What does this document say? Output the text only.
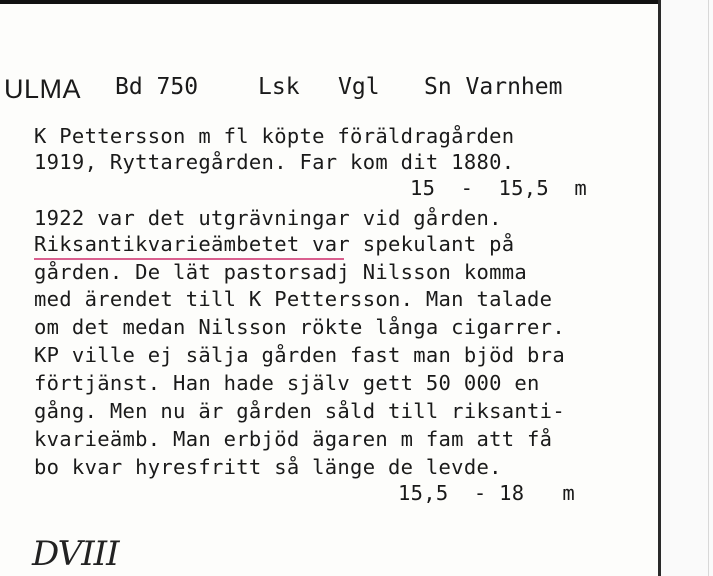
ULMA Bd 750	Lsk Vgl Sn Varnhem
K Pettersson m fl köpte föräldragården
1919, Ryttaregården. Far kom dit 1880.
15  -  15,5  m
1922 var det utgrävningar vid gården.
Riksantikvarieämbetet var spekulant på
gården. De lät pastorsadj Nilsson komma
med ärendet till K Pettersson. Man talade
om det medan Nilsson rökte långa cigarrer.
KP ville ej sälja gården fast man bjöd bra
förtjänst. Han hade själv gett 50 000 en
gång. Men nu är gården såld till riksanti-
kvarieämb. Man erbjöd ägaren m fam att få
bo kvar hyresfritt så länge de levde.
15,5  - 18   m
DVIII
